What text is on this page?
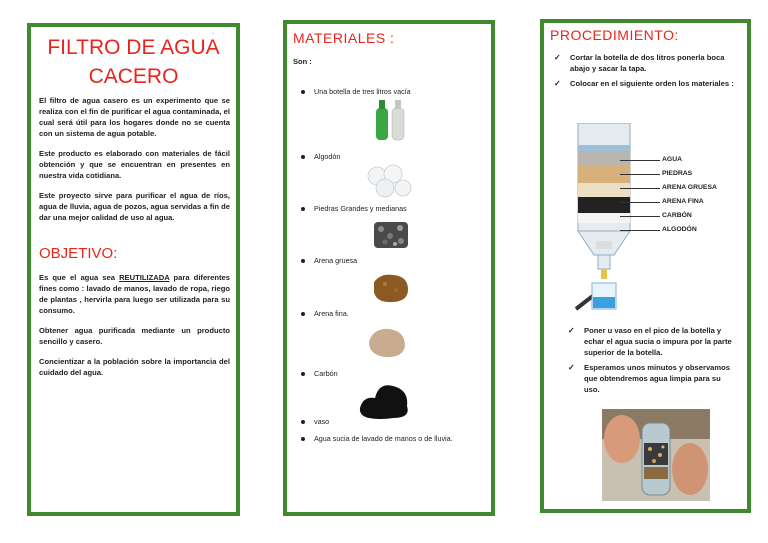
FILTRO DE AGUA CACERO
El filtro de agua casero es un experimento que se realiza con el fin de purificar el agua contaminada, el cual será útil para los hogares donde no se cuenta con un sistema de agua potable.
Este producto es elaborado con materiales de fácil obtención y que se encuentran en presentes en nuestra vida cotidiana.
Este proyecto sirve para purificar el agua de ríos, agua de lluvia, agua de pozos, agua servidas a fin de dar una mejor calidad de uso al agua.
OBJETIVO:
Es que el agua sea REUTILIZADA para diferentes fines como : lavado de manos, lavado de ropa, riego de plantas , hervirla para luego ser utilizada para su consumo.
Obtener agua purificada mediante un producto sencillo y casero.
Concientizar a la población sobre la importancia del cuidado del agua.
MATERIALES :
Son :
Una botella de tres litros vacía
Algodón
Piedras Grandes y medianas
Arena gruesa
Arena fina.
Carbón
vaso
Agua sucia de lavado de manos o de lluvia.
PROCEDIMIENTO:
✓ Cortar la botella de dos litros ponerla boca abajo y sacar la tapa.
✓ Colocar en el siguiente orden los materiales :
AGUA
PIEDRAS
ARENA GRUESA
ARENA FINA
CARBÓN
ALGODÓN
✓ Poner u vaso en el pico de la botella y echar el agua sucia o impura por la parte superior de la botella.
✓ Esperamos unos minutos y observamos que obtendremos agua limpia para su uso.
